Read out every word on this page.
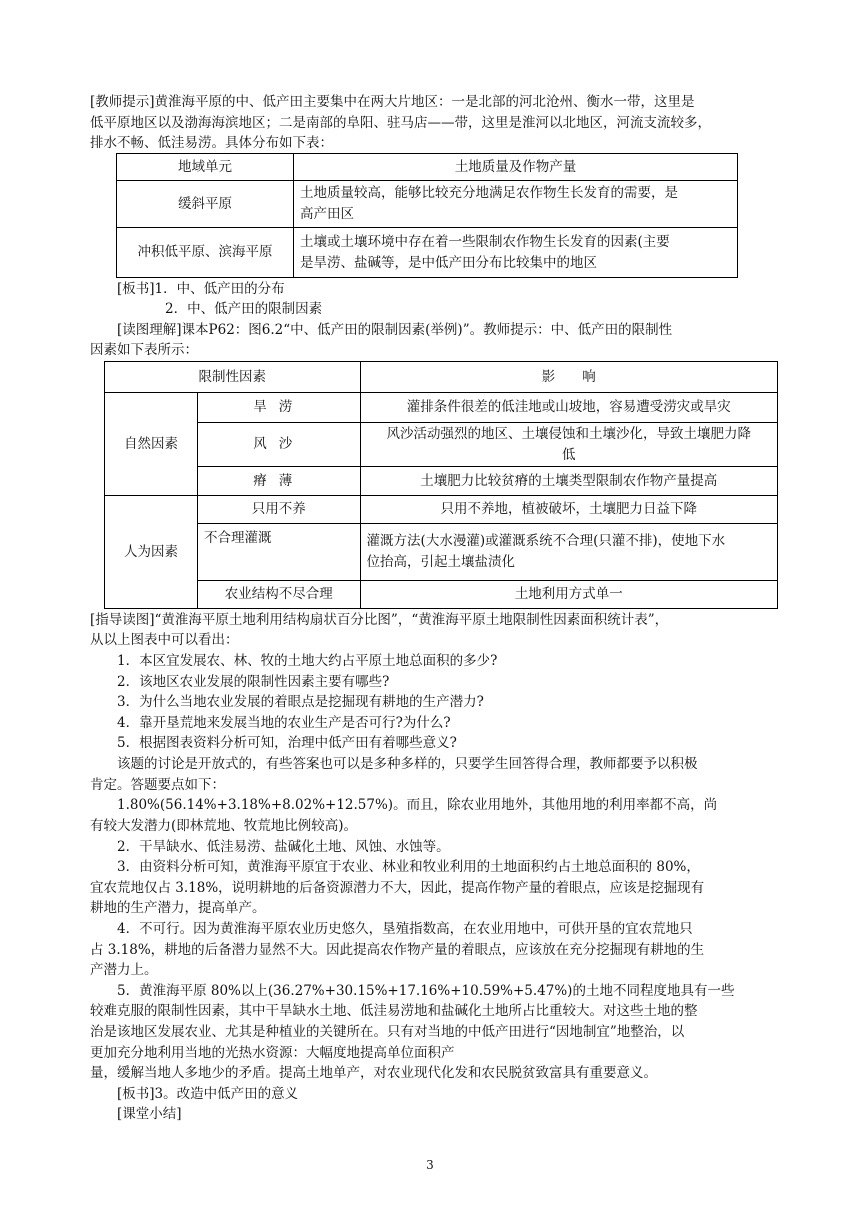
[教师提示]黄淮海平原的中、低产田主要集中在两大片地区：一是北部的河北沧州、衡水一带，这里是
低平原地区以及渤海海滨地区；二是南部的阜阳、驻马店——带，这里是淮河以北地区，河流支流较多，
排水不畅、低洼易涝。具体分布如下表：
地域单元	土地质量及作物产量
缓斜平原	土地质量较高，能够比较充分地满足农作物生长发育的需要，是
高产田区

冲积低平原、滨海平原	土壤或土壤环境中存在着一些限制农作物生长发育的因素(主要
是旱涝、盐碱等，是中低产田分布比较集中的地区
[板书]1．中、低产田的分布
2．中、低产田的限制因素
[读图理解]课本P62：图6.2“中、低产田的限制因素(举例)”。教师提示：中、低产田的限制性
因素如下表所示：
限制性因素		影　　响
自然因素	旱涝	灌排条件很差的低洼地或山坡地，容易遭受涝灾或旱灾
	风沙	风沙活动强烈的地区、土壤侵蚀和土壤沙化，导致土壤肥力降
低

	瘠薄	土壤肥力比较贫瘠的土壤类型限制农作物产量提高
人为因素	只用不养	只用不养地，植被破坏，土壤肥力日益下降
	不合理灌溉	灌溉方法(大水漫灌)或灌溉系统不合理(只灌不排)，使地下水
位抬高，引起土壤盐渍化

	农业结构不尽合理	土地利用方式单一
[指导读图]“黄淮海平原土地利用结构扇状百分比图”，“黄淮海平原土地限制性因素面积统计表”，
从以上图表中可以看出：
1．本区宜发展农、林、牧的土地大约占平原土地总面积的多少?
2．该地区农业发展的限制性因素主要有哪些?
3．为什么当地农业发展的着眼点是挖掘现有耕地的生产潜力?
4．靠开垦荒地来发展当地的农业生产是否可行?为什么?
5．根据图表资料分析可知，治理中低产田有着哪些意义?
该题的讨论是开放式的，有些答案也可以是多种多样的，只要学生回答得合理，教师都要予以积极
肯定。答题要点如下：
1.80%(56.14%+3.18%+8.02%+12.57%)。而且，除农业用地外，其他用地的利用率都不高，尚
有较大发潜力(即林荒地、牧荒地比例较高)。
2．干旱缺水、低洼易涝、盐碱化土地、风蚀、水蚀等。
3．由资料分析可知，黄淮海平原宜于农业、林业和牧业利用的土地面积约占土地总面积的 80%，
宜农荒地仅占 3.18%，说明耕地的后备资源潜力不大，因此，提高作物产量的着眼点，应该是挖掘现有
耕地的生产潜力，提高单产。
4．不可行。因为黄淮海平原农业历史悠久，垦殖指数高，在农业用地中，可供开垦的宜农荒地只
占 3.18%，耕地的后备潜力显然不大。因此提高农作物产量的着眼点，应该放在充分挖掘现有耕地的生
产潜力上。
5．黄淮海平原 80%以上(36.27%+30.15%+17.16%+10.59%+5.47%)的土地不同程度地具有一些
较难克服的限制性因素，其中干旱缺水土地、低洼易涝地和盐碱化土地所占比重较大。对这些土地的整
治是该地区发展农业、尤其是种植业的关键所在。只有对当地的中低产田进行“因地制宜”地整治，以
更加充分地利用当地的光热水资源：大幅度地提高单位面积产
量，缓解当地人多地少的矛盾。提高土地单产，对农业现代化发和农民脱贫致富具有重要意义。
[板书]3。改造中低产田的意义
[课堂小结]
3
